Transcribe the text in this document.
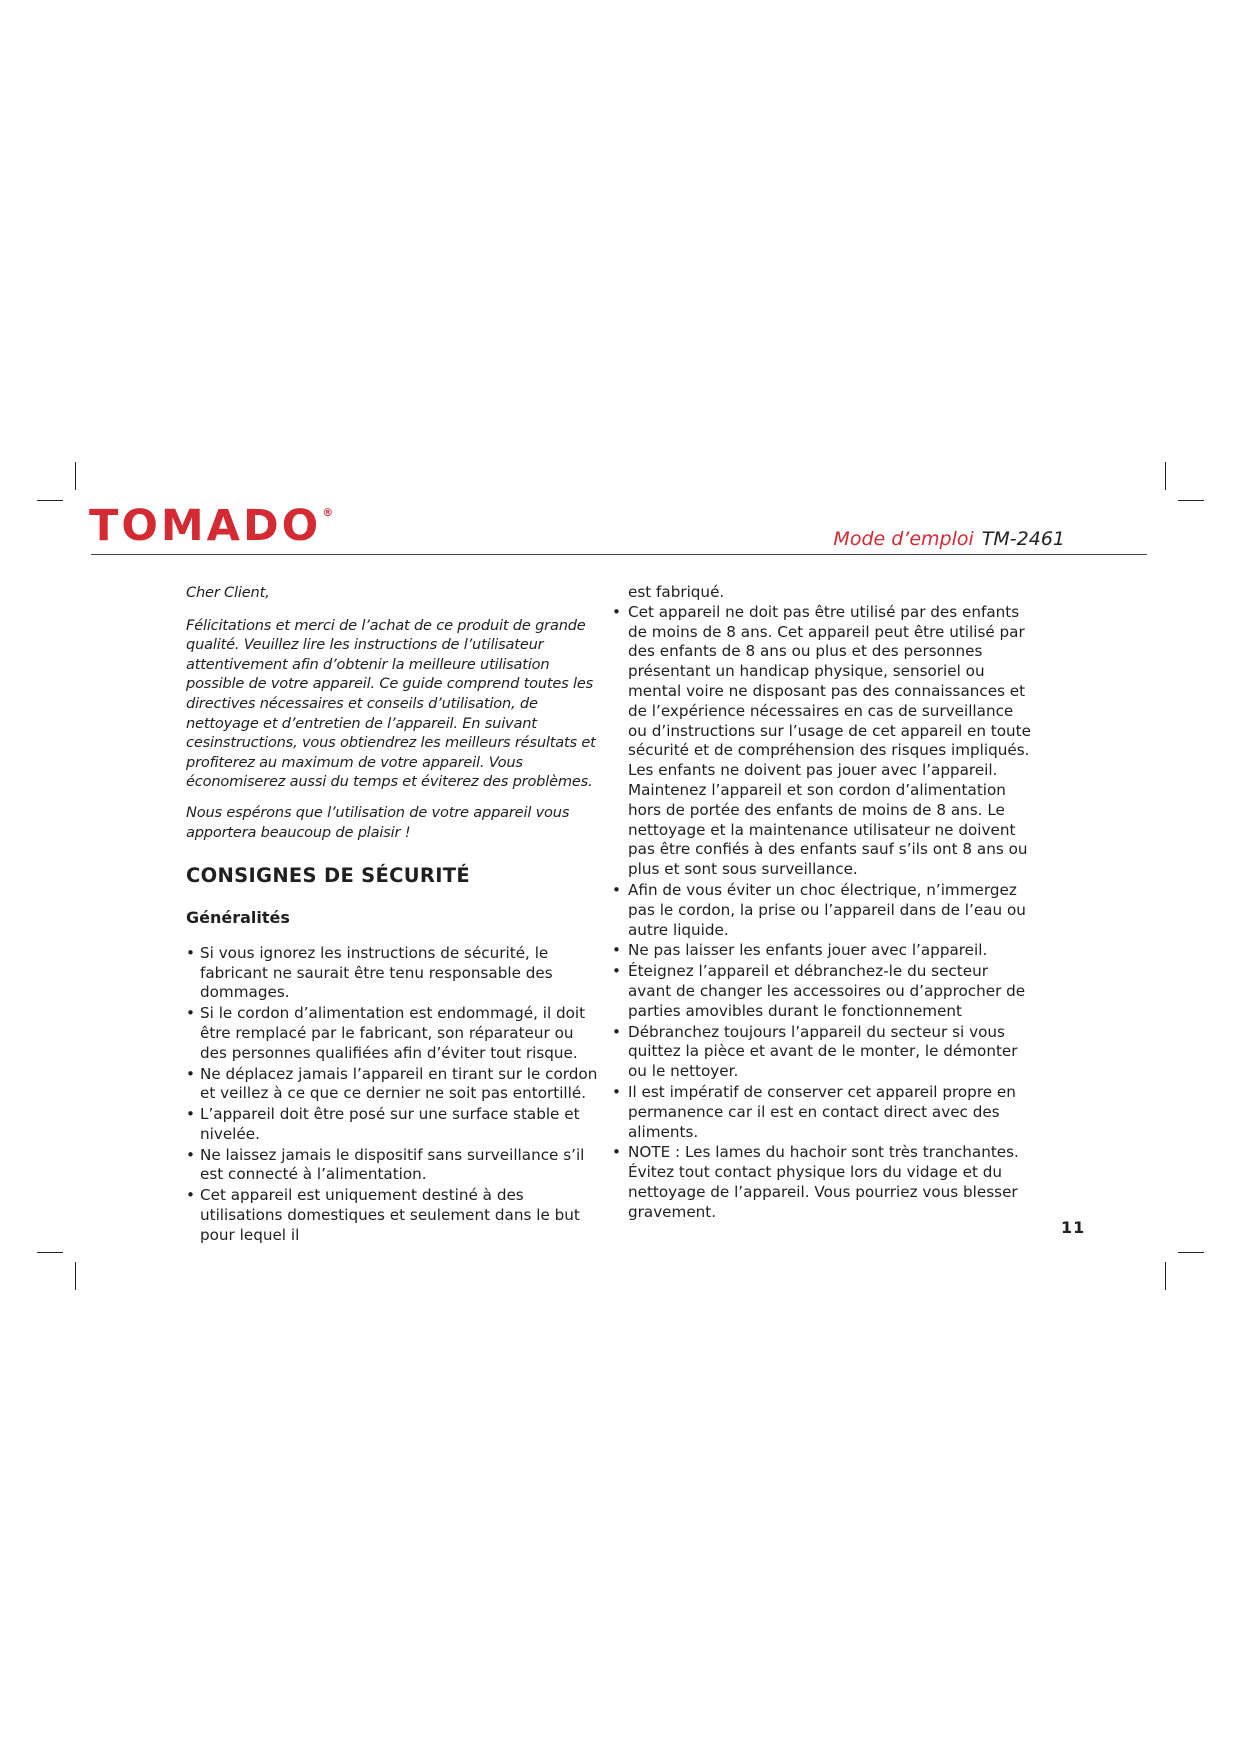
TOMADO®
Mode d’emploi TM-2461

Cher Client,

Félicitations et merci de l’achat de ce produit de grande qualité. Veuillez lire les instructions de l’utilisateur attentivement afin d’obtenir la meilleure utilisation possible de votre appareil. Ce guide comprend toutes les directives nécessaires et conseils d’utilisation, de nettoyage et d’entretien de l’appareil. En suivant cesinstructions, vous obtiendrez les meilleurs résultats et profiterez au maximum de votre appareil. Vous économiserez aussi du temps et éviterez des problèmes.

Nous espérons que l’utilisation de votre appareil vous apportera beaucoup de plaisir !

CONSIGNES DE SÉCURITÉ
Généralités
• Si vous ignorez les instructions de sécurité, le fabricant ne saurait être tenu responsable des dommages.
• Si le cordon d’alimentation est endommagé, il doit être remplacé par le fabricant, son réparateur ou des personnes qualifiées afin d’éviter tout risque.
• Ne déplacez jamais l’appareil en tirant sur le cordon et veillez à ce que ce dernier ne soit pas entortillé.
• L’appareil doit être posé sur une surface stable et nivelée.
• Ne laissez jamais le dispositif sans surveillance s’il est connecté à l’alimentation.
• Cet appareil est uniquement destiné à des utilisations domestiques et seulement dans le but pour lequel il
est fabriqué.
• Cet appareil ne doit pas être utilisé par des enfants de moins de 8 ans. Cet appareil peut être utilisé par des enfants de 8 ans ou plus et des personnes présentant un handicap physique, sensoriel ou mental voire ne disposant pas des connaissances et de l’expérience nécessaires en cas de surveillance ou d’instructions sur l’usage de cet appareil en toute sécurité et de compréhension des risques impliqués. Les enfants ne doivent pas jouer avec l’appareil. Maintenez l’appareil et son cordon d’alimentation hors de portée des enfants de moins de 8 ans. Le nettoyage et la maintenance utilisateur ne doivent pas être confiés à des enfants sauf s’ils ont 8 ans ou plus et sont sous surveillance.
• Afin de vous éviter un choc électrique, n’immergez pas le cordon, la prise ou l’appareil dans de l’eau ou autre liquide.
• Ne pas laisser les enfants jouer avec l’appareil.
• Éteignez l’appareil et débranchez-le du secteur avant de changer les accessoires ou d’approcher de parties amovibles durant le fonctionnement
• Débranchez toujours l’appareil du secteur si vous quittez la pièce et avant de le monter, le démonter ou le nettoyer.
• Il est impératif de conserver cet appareil propre en permanence car il est en contact direct avec des aliments.
• NOTE : Les lames du hachoir sont très tranchantes. Évitez tout contact physique lors du vidage et du nettoyage de l’appareil. Vous pourriez vous blesser gravement.
11
